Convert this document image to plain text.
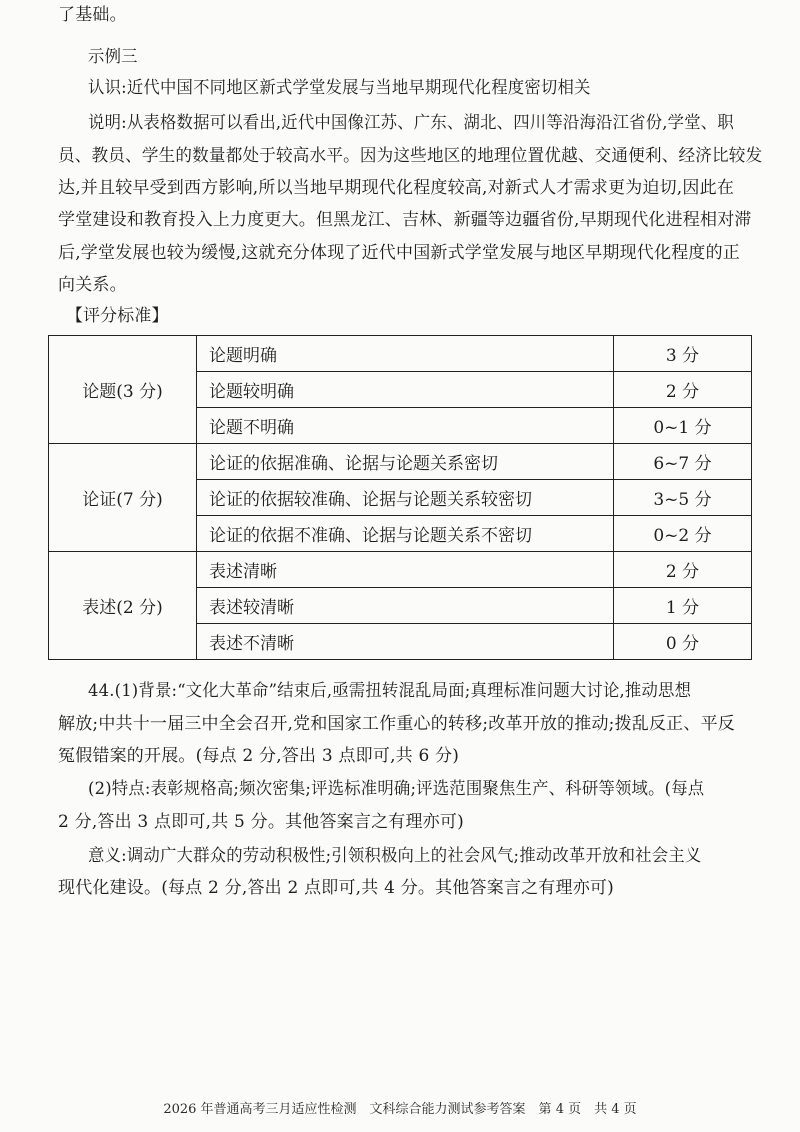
了基础。
示例三
认识:近代中国不同地区新式学堂发展与当地早期现代化程度密切相关
说明:从表格数据可以看出,近代中国像江苏、广东、湖北、四川等沿海沿江省份,学堂、职
员、教员、学生的数量都处于较高水平。因为这些地区的地理位置优越、交通便利、经济比较发
达,并且较早受到西方影响,所以当地早期现代化程度较高,对新式人才需求更为迫切,因此在
学堂建设和教育投入上力度更大。但黑龙江、吉林、新疆等边疆省份,早期现代化进程相对滞
后,学堂发展也较为缓慢,这就充分体现了近代中国新式学堂发展与地区早期现代化程度的正
向关系。
【评分标准】
论题(3 分)	论题明确	3 分
	论题较明确	2 分
	论题不明确	0~1 分
论证(7 分)	论证的依据准确、论据与论题关系密切	6~7 分
	论证的依据较准确、论据与论题关系较密切	3~5 分
	论证的依据不准确、论据与论题关系不密切	0~2 分
表述(2 分)	表述清晰	2 分
	表述较清晰	1 分
	表述不清晰	0 分
44.(1)背景:“文化大革命”结束后,亟需扭转混乱局面;真理标准问题大讨论,推动思想
解放;中共十一届三中全会召开,党和国家工作重心的转移;改革开放的推动;拨乱反正、平反
冤假错案的开展。(每点 2 分,答出 3 点即可,共 6 分)
(2)特点:表彰规格高;频次密集;评选标准明确;评选范围聚焦生产、科研等领域。(每点
2 分,答出 3 点即可,共 5 分。其他答案言之有理亦可)
意义:调动广大群众的劳动积极性;引领积极向上的社会风气;推动改革开放和社会主义
现代化建设。(每点 2 分,答出 2 点即可,共 4 分。其他答案言之有理亦可)
2026 年普通高考三月适应性检测　文科综合能力测试参考答案　第 4 页　共 4 页
